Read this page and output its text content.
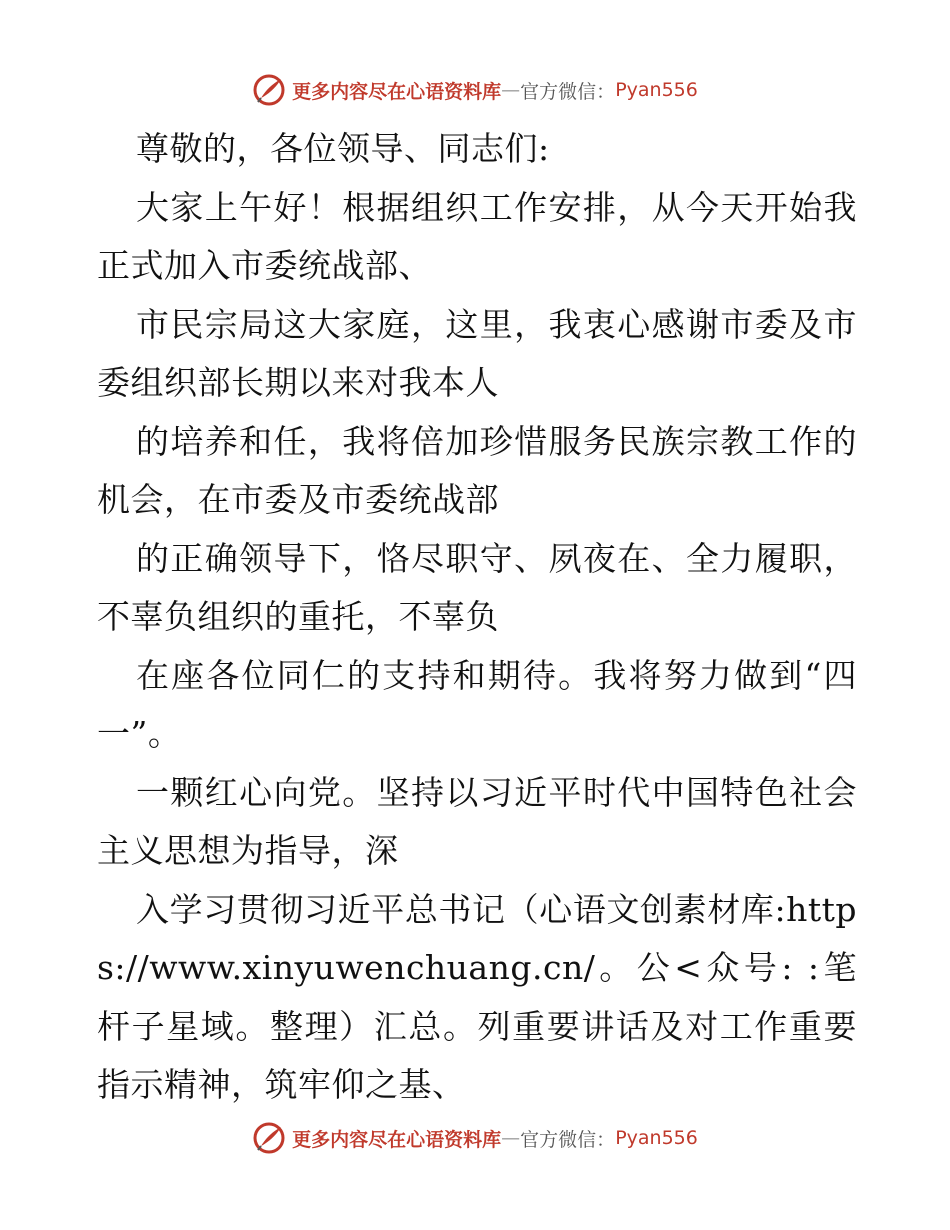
更多内容尽在心语资料库 — 官方微信： Pyan556

尊敬的，各位领导、同志们:

大家上午好！根据组织工作安排，从今天开始我正式加入市委统战部、

市民宗局这大家庭，这里，我衷心感谢市委及市委组织部长期以来对我本人

的培养和任，我将倍加珍惜服务民族宗教工作的机会，在市委及市委统战部

的正确领导下，恪尽职守、夙夜在、全力履职，不辜负组织的重托，不辜负

在座各位同仁的支持和期待。我将努力做到“四一”。

一颗红心向党。坚持以习近平时代中国特色社会主义思想为指导，深

入学习贯彻习近平总书记（心语文创素材库:https://www.xinyuwenchuang.cn/。公<众号: :笔杆子星域。整理）汇总。列重要讲话及对工作重要指示精神，筑牢仰之基、

更多内容尽在心语资料库 — 官方微信： Pyan556
